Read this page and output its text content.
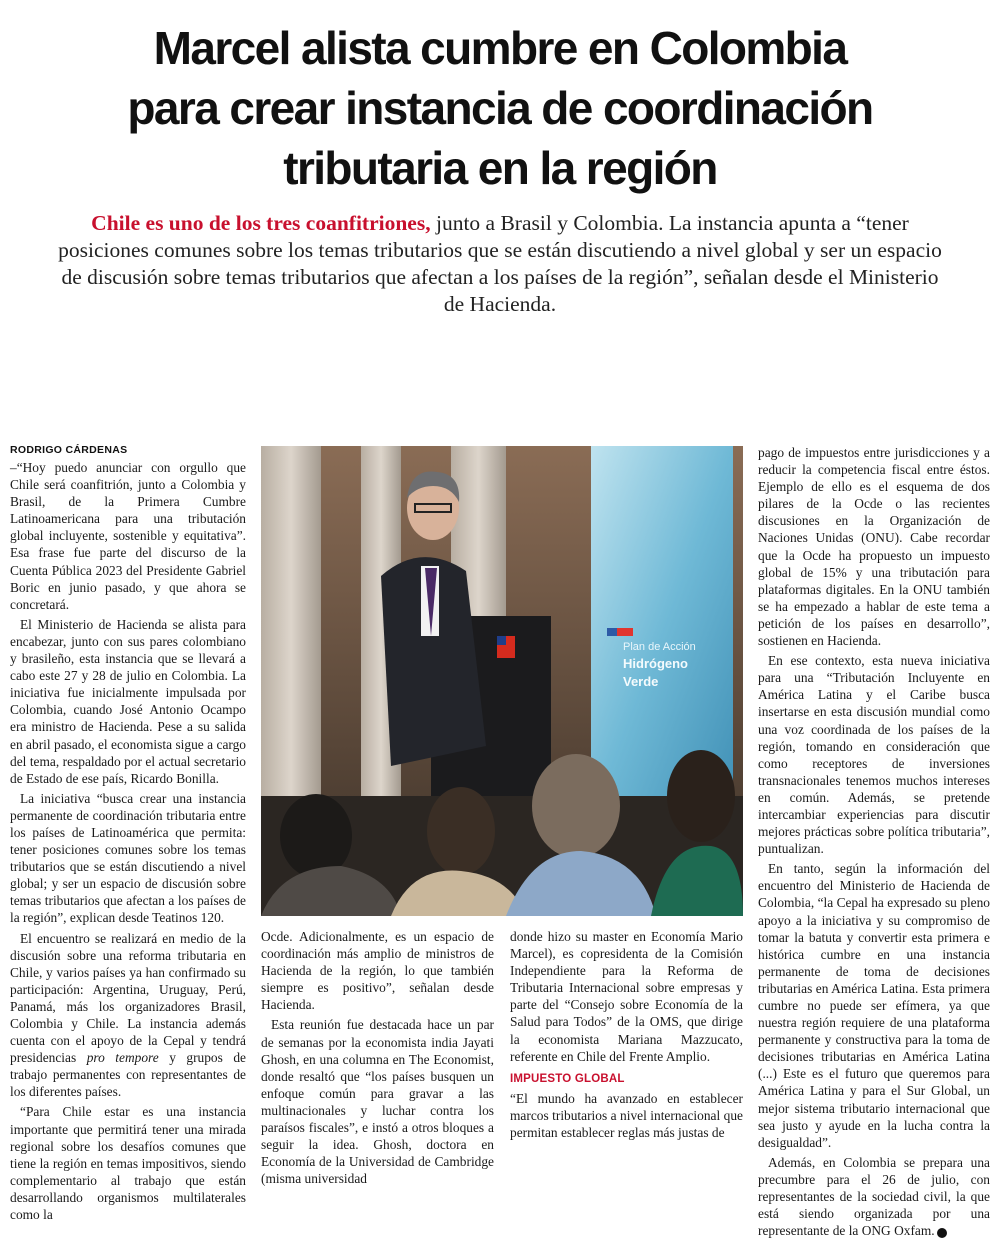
Marcel alista cumbre en Colombia
para crear instancia de coordinación
tributaria en la región

Chile es uno de los tres coanfitriones, junto a Brasil y Colombia. La instancia apunta a “tener posiciones comunes sobre los temas tributarios que se están discutiendo a nivel global y ser un espacio de discusión sobre temas tributarios que afectan a los países de la región”, señalan desde el Ministerio de Hacienda.

RODRIGO CÁRDENAS

–“Hoy puedo anunciar con orgullo que Chile será coanfitrión, junto a Colombia y Brasil, de la Primera Cumbre Latinoamericana para una tributación global incluyente, sostenible y equitativa”. Esa frase fue parte del discurso de la Cuenta Pública 2023 del Presidente Gabriel Boric en junio pasado, y que ahora se concretará.

El Ministerio de Hacienda se alista para encabezar, junto con sus pares colombiano y brasileño, esta instancia que se llevará a cabo este 27 y 28 de julio en Colombia. La iniciativa fue inicialmente impulsada por Colombia, cuando José Antonio Ocampo era ministro de Hacienda. Pese a su salida en abril pasado, el economista sigue a cargo del tema, respaldado por el actual secretario de Estado de ese país, Ricardo Bonilla.

La iniciativa “busca crear una instancia permanente de coordinación tributaria entre los países de Latinoamérica que permita: tener posiciones comunes sobre los temas tributarios que se están discutiendo a nivel global; y ser un espacio de discusión sobre temas tributarios que afectan a los países de la región”, explican desde Teatinos 120.

El encuentro se realizará en medio de la discusión sobre una reforma tributaria en Chile, y varios países ya han confirmado su participación: Argentina, Uruguay, Perú, Panamá, más los organizadores Brasil, Colombia y Chile. La instancia además cuenta con el apoyo de la Cepal y tendrá presidencias pro tempore y grupos de trabajo permanentes con representantes de los diferentes países.

“Para Chile estar es una instancia importante que permitirá tener una mirada regional sobre los desafíos comunes que tiene la región en temas impositivos, siendo complementario al trabajo que están desarrollando organismos multilaterales como la

Plan de Acción
Hidrógeno
Verde

Ocde. Adicionalmente, es un espacio de coordinación más amplio de ministros de Hacienda de la región, lo que también siempre es positivo”, señalan desde Hacienda.

Esta reunión fue destacada hace un par de semanas por la economista india Jayati Ghosh, en una columna en The Economist, donde resaltó que “los países busquen un enfoque común para gravar a las multinacionales y luchar contra los paraísos fiscales”, e instó a otros bloques a seguir la idea. Ghosh, doctora en Economía de la Universidad de Cambridge (misma universidad

donde hizo su master en Economía Mario Marcel), es copresidenta de la Comisión Independiente para la Reforma de Tributaria Internacional sobre empresas y parte del “Consejo sobre Economía de la Salud para Todos” de la OMS, que dirige la economista Mariana Mazzucato, referente en Chile del Frente Amplio.

IMPUESTO GLOBAL

“El mundo ha avanzado en establecer marcos tributarios a nivel internacional que permitan establecer reglas más justas de

pago de impuestos entre jurisdicciones y a reducir la competencia fiscal entre éstos. Ejemplo de ello es el esquema de dos pilares de la Ocde o las recientes discusiones en la Organización de Naciones Unidas (ONU). Cabe recordar que la Ocde ha propuesto un impuesto global de 15% y una tributación para plataformas digitales. En la ONU también se ha empezado a hablar de este tema a petición de los países en desarrollo”, sostienen en Hacienda.

En ese contexto, esta nueva iniciativa para una “Tributación Incluyente en América Latina y el Caribe busca insertarse en esta discusión mundial como una voz coordinada de los países de la región, tomando en consideración que como receptores de inversiones transnacionales tenemos muchos intereses en común. Además, se pretende intercambiar experiencias para discutir mejores prácticas sobre política tributaria”, puntualizan.

En tanto, según la información del encuentro del Ministerio de Hacienda de Colombia, “la Cepal ha expresado su pleno apoyo a la iniciativa y su compromiso de tomar la batuta y convertir esta primera e histórica cumbre en una instancia permanente de toma de decisiones tributarias en América Latina. Esta primera cumbre no puede ser efímera, ya que nuestra región requiere de una plataforma permanente y constructiva para la toma de decisiones tributarias en América Latina (...) Este es el futuro que queremos para América Latina y para el Sur Global, un mejor sistema tributario internacional que sea justo y ayude en la lucha contra la desigualdad”.

Además, en Colombia se prepara una precumbre para el 26 de julio, con representantes de la sociedad civil, la que está siendo organizada por una representante de la ONG Oxfam. P
